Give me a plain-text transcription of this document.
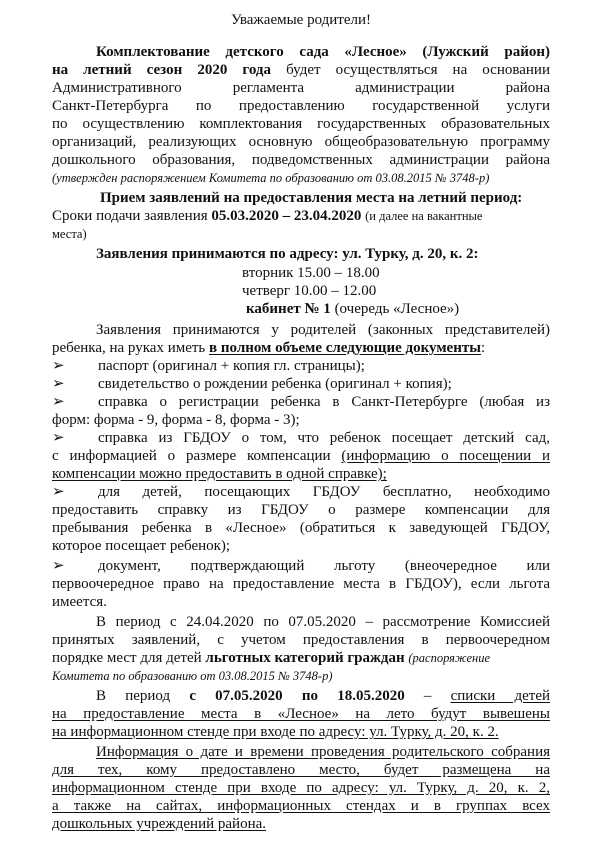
Уважаемые родители!
Комплектование детского сада «Лесное» (Лужский район)
на летний сезон 2020 года будет осуществляться на основании
Административного регламента администрации района
Санкт-Петербурга по предоставлению государственной услуги
по осуществлению комплектования государственных образовательных
организаций, реализующих основную общеобразовательную программу
дошкольного образования, подведомственных администрации района
(утвержден распоряжением Комитета по образованию от 03.08.2015 № 3748-р)
Прием заявлений на предоставления места на летний период:
Сроки подачи заявления 05.03.2020 – 23.04.2020 (и далее на вакантные
места)
Заявления принимаются по адресу: ул. Турку, д. 20, к. 2:
вторник 15.00 – 18.00
четверг 10.00 – 12.00
кабинет № 1 (очередь «Лесное»)
Заявления принимаются у родителей (законных представителей)
ребенка, на руках иметь в полном объеме следующие документы:
➢ паспорт (оригинал + копия гл. страницы);
➢ свидетельство о рождении ребенка (оригинал + копия);
➢ справка о регистрации ребенка в Санкт-Петербурге (любая из
форм: форма - 9, форма - 8, форма - 3);
➢ справка из ГБДОУ о том, что ребенок посещает детский сад,
с информацией о размере компенсации (информацию о посещении и
компенсации можно предоставить в одной справке);
➢ для детей, посещающих ГБДОУ бесплатно, необходимо
предоставить справку из ГБДОУ о размере компенсации для
пребывания ребенка в «Лесное» (обратиться к заведующей ГБДОУ,
которое посещает ребенок);
➢ документ, подтверждающий льготу (внеочередное или
первоочередное право на предоставление места в ГБДОУ), если льгота
имеется.
В период с 24.04.2020 по 07.05.2020 – рассмотрение Комиссией
принятых заявлений, с учетом предоставления в первоочередном
порядке мест для детей льготных категорий граждан (распоряжение
Комитета по образованию от 03.08.2015 № 3748-р)
В период с 07.05.2020 по 18.05.2020 – списки детей
на предоставление места в «Лесное» на лето будут вывешены
на информационном стенде при входе по адресу: ул. Турку, д. 20, к. 2.
Информация о дате и времени проведения родительского собрания
для тех, кому предоставлено место, будет размещена на
информационном стенде при входе по адресу: ул. Турку, д. 20, к. 2,
а также на сайтах, информационных стендах и в группах всех
дошкольных учреждений района.
